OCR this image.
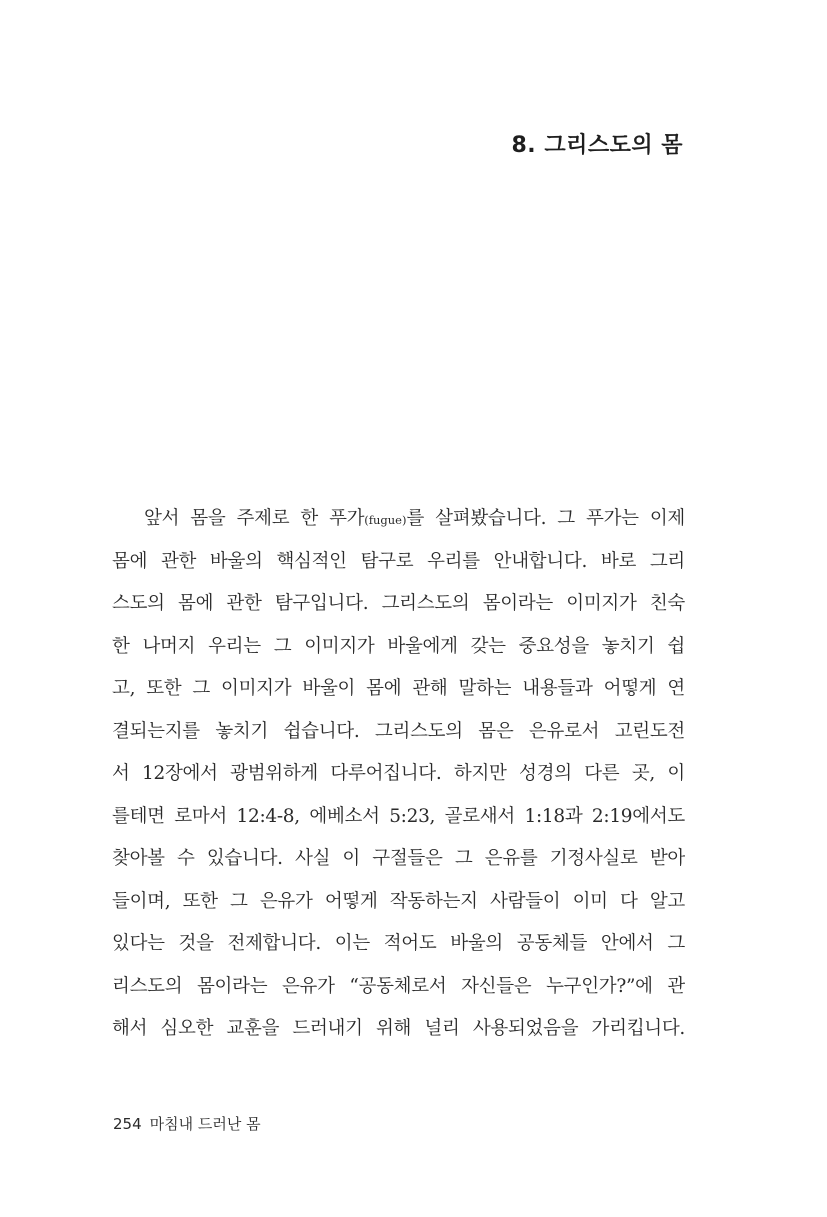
8. 그리스도의 몸
앞서 몸을 주제로 한 푸가(fugue)를 살펴봤습니다. 그 푸가는 이제
몸에 관한 바울의 핵심적인 탐구로 우리를 안내합니다. 바로 그리
스도의 몸에 관한 탐구입니다. 그리스도의 몸이라는 이미지가 친숙
한 나머지 우리는 그 이미지가 바울에게 갖는 중요성을 놓치기 쉽
고, 또한 그 이미지가 바울이 몸에 관해 말하는 내용들과 어떻게 연
결되는지를 놓치기 쉽습니다. 그리스도의 몸은 은유로서 고린도전
서 12장에서 광범위하게 다루어집니다. 하지만 성경의 다른 곳, 이
를테면 로마서 12:4-8, 에베소서 5:23, 골로새서 1:18과 2:19에서도
찾아볼 수 있습니다. 사실 이 구절들은 그 은유를 기정사실로 받아
들이며, 또한 그 은유가 어떻게 작동하는지 사람들이 이미 다 알고
있다는 것을 전제합니다. 이는 적어도 바울의 공동체들 안에서 그
리스도의 몸이라는 은유가 “공동체로서 자신들은 누구인가?”에 관
해서 심오한 교훈을 드러내기 위해 널리 사용되었음을 가리킵니다.
254 마침내 드러난 몸
